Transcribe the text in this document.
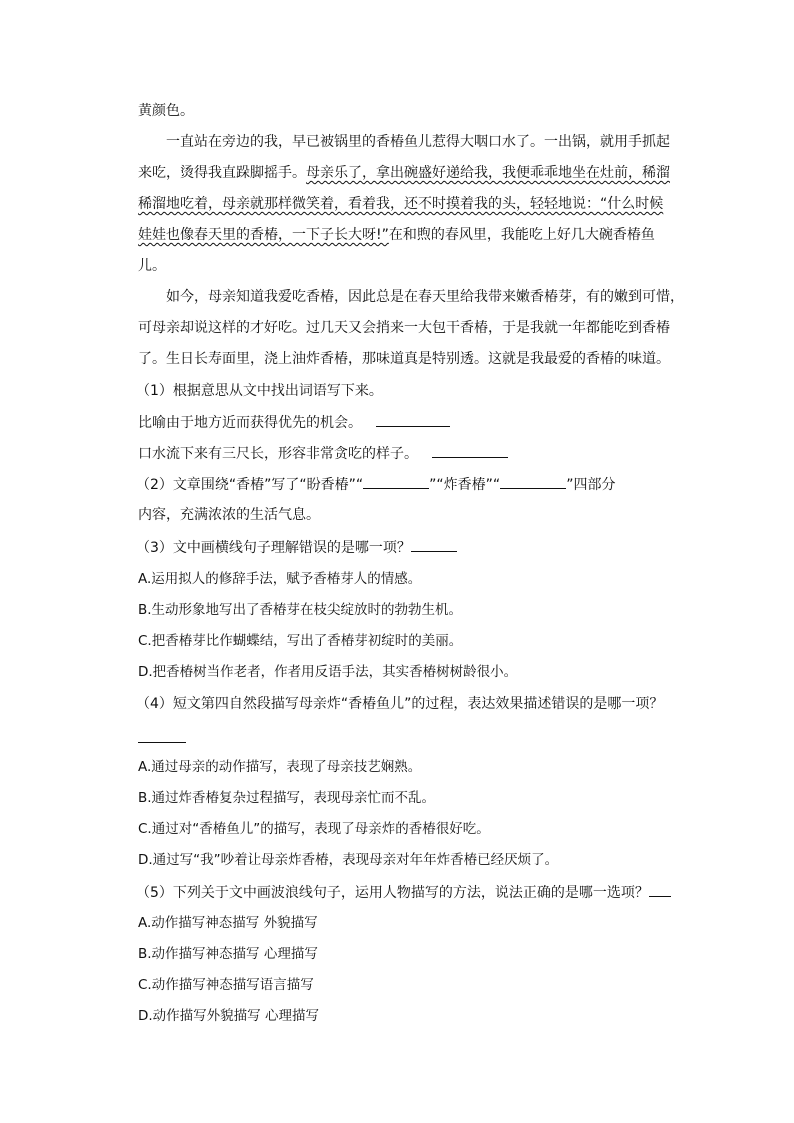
黄颜色。
一直站在旁边的我，早已被锅里的香椿鱼儿惹得大咽口水了。一出锅，就用手抓起
来吃，烫得我直跺脚摇手。母亲乐了，拿出碗盛好递给我，我便乖乖地坐在灶前，稀溜
稀溜地吃着，母亲就那样微笑着，看着我，还不时摸着我的头，轻轻地说：“什么时候
娃娃也像春天里的香椿，一下子长大呀!”在和煦的春风里，我能吃上好几大碗香椿鱼
儿。
如今，母亲知道我爱吃香椿，因此总是在春天里给我带来嫩香椿芽，有的嫩到可惜，
可母亲却说这样的才好吃。过几天又会捎来一大包干香椿，于是我就一年都能吃到香椿
了。生日长寿面里，浇上油炸香椿，那味道真是特别透。这就是我最爱的香椿的味道。
（1）根据意思从文中找出词语写下来。
比喻由于地方近而获得优先的机会。
口水流下来有三尺长，形容非常贪吃的样子。
（2）文章围绕“香椿”写了“盼香椿”“	”“炸香椿”“	”四部分
内容，充满浓浓的生活气息。
（3）文中画横线句子理解错误的是哪一项？
A.运用拟人的修辞手法，赋予香椿芽人的情感。
B.生动形象地写出了香椿芽在枝尖绽放时的勃勃生机。
C.把香椿芽比作蝴蝶结，写出了香椿芽初绽时的美丽。
D.把香椿树当作老者，作者用反语手法，其实香椿树树龄很小。
（4）短文第四自然段描写母亲炸“香椿鱼儿”的过程，表达效果描述错误的是哪一项？
A.通过母亲的动作描写，表现了母亲技艺娴熟。
B.通过炸香椿复杂过程描写，表现母亲忙而不乱。
C.通过对“香椿鱼儿”的描写，表现了母亲炸的香椿很好吃。
D.通过写“我”吵着让母亲炸香椿，表现母亲对年年炸香椿已经厌烦了。
（5）下列关于文中画波浪线句子，运用人物描写的方法，说法正确的是哪一选项？
A.动作描写神态描写 外貌描写
B.动作描写神态描写 心理描写
C.动作描写神态描写语言描写
D.动作描写外貌描写 心理描写
